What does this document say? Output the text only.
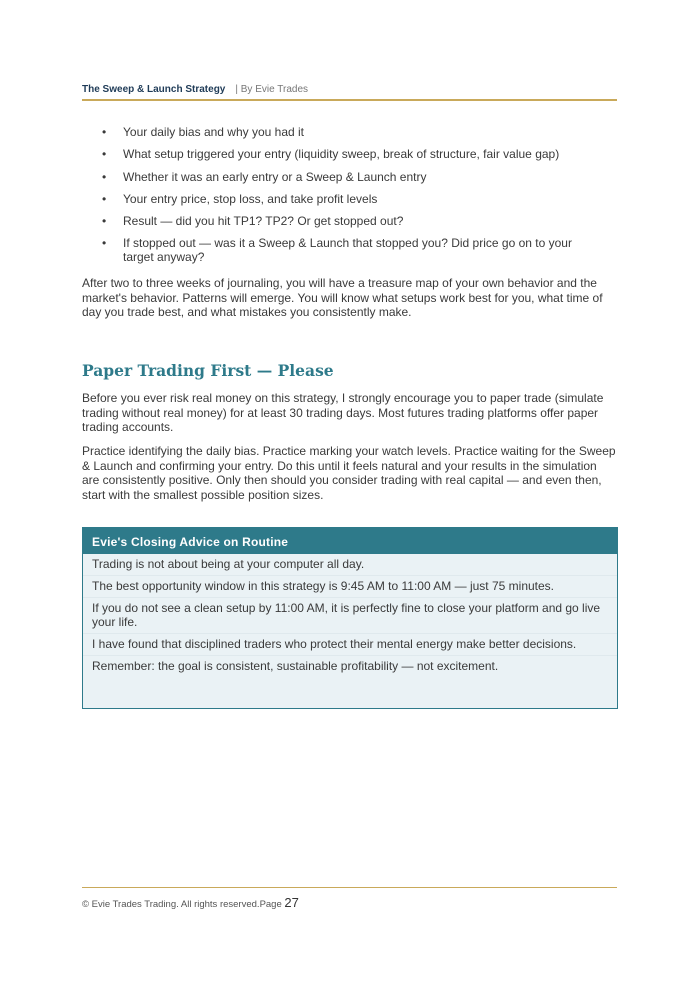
The Sweep & Launch Strategy | By Evie Trades
• Your daily bias and why you had it
• What setup triggered your entry (liquidity sweep, break of structure, fair value gap)
• Whether it was an early entry or a Sweep & Launch entry
• Your entry price, stop loss, and take profit levels
• Result — did you hit TP1? TP2? Or get stopped out?
• If stopped out — was it a Sweep & Launch that stopped you? Did price go on to your target anyway?

After two to three weeks of journaling, you will have a treasure map of your own behavior and the market's behavior. Patterns will emerge. You will know what setups work best for you, what time of day you trade best, and what mistakes you consistently make.

Paper Trading First — Please

Before you ever risk real money on this strategy, I strongly encourage you to paper trade (simulate trading without real money) for at least 30 trading days. Most futures trading platforms offer paper trading accounts.

Practice identifying the daily bias. Practice marking your watch levels. Practice waiting for the Sweep & Launch and confirming your entry. Do this until it feels natural and your results in the simulation are consistently positive. Only then should you consider trading with real capital — and even then, start with the smallest possible position sizes.

Evie's Closing Advice on Routine

Trading is not about being at your computer all day.

The best opportunity window in this strategy is 9:45 AM to 11:00 AM — just 75 minutes.

If you do not see a clean setup by 11:00 AM, it is perfectly fine to close your platform and go live your life.

I have found that disciplined traders who protect their mental energy make better decisions.

Remember: the goal is consistent, sustainable profitability — not excitement.

© Evie Trades Trading. All rights reserved.Page 27
